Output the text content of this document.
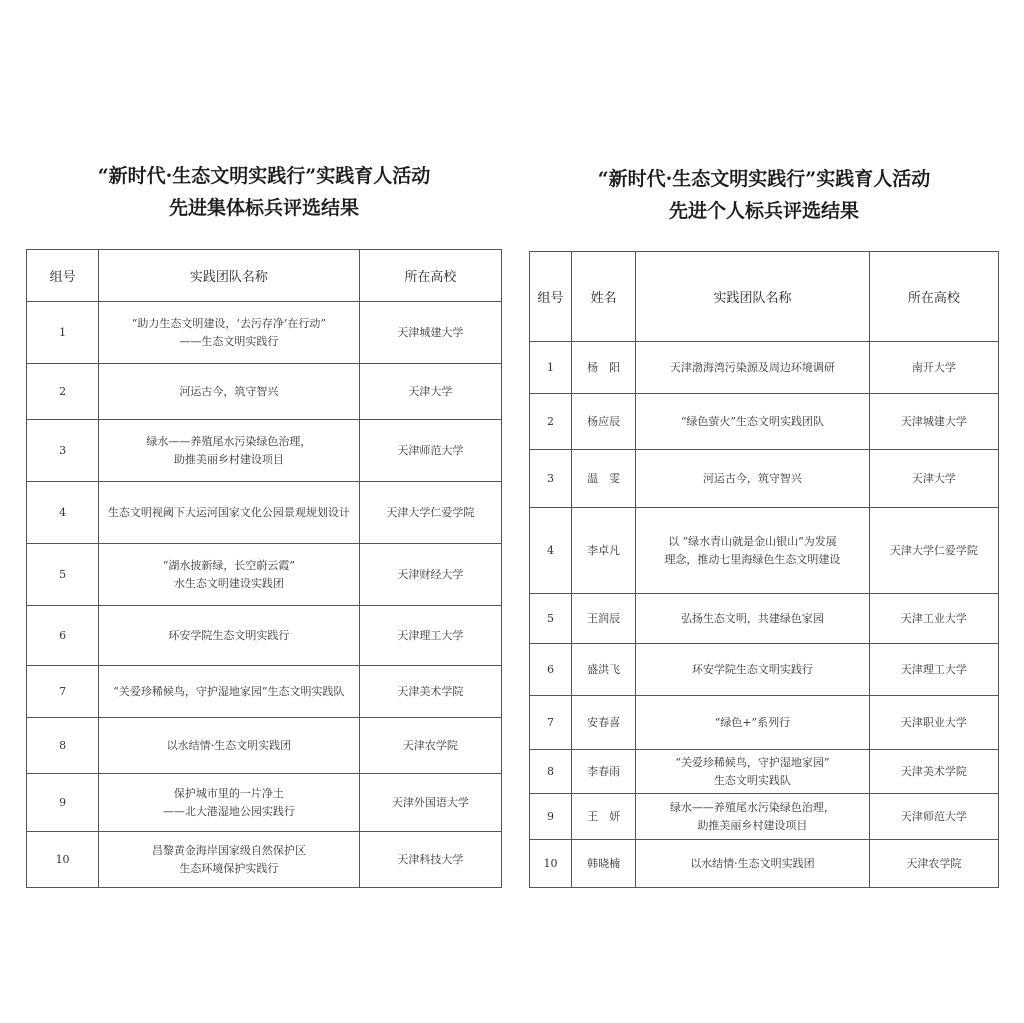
“新时代·生态文明实践行”实践育人活动
先进集体标兵评选结果
组号	实践团队名称	所在高校
1	“助力生态文明建设，‘去污存净’在行动”
——生态文明实践行	天津城建大学
2	河运古今，筑守智兴	天津大学
3	绿水——养殖尾水污染绿色治理，
助推美丽乡村建设项目	天津师范大学
4	生态文明视阈下大运河国家文化公园景观规划设计	天津大学仁爱学院
5	“湖水披新绿，长空蔚云霞”
水生态文明建设实践团	天津财经大学
6	环安学院生态文明实践行	天津理工大学
7	“关爱珍稀候鸟，守护湿地家园”生态文明实践队	天津美术学院
8	以水结情·生态文明实践团	天津农学院
9	保护城市里的一片净土
——北大港湿地公园实践行	天津外国语大学
10	昌黎黄金海岸国家级自然保护区
生态环境保护实践行	天津科技大学
“新时代·生态文明实践行”实践育人活动
先进个人标兵评选结果
组号	姓名	实践团队名称	所在高校
1	杨　阳	天津渤海湾污染源及周边环境调研	南开大学
2	杨应辰	“绿色萤火”生态文明实践团队	天津城建大学
3	温　雯	河运古今，筑守智兴	天津大学
4	李卓凡	以 “绿水青山就是金山银山”为发展
理念，推动七里海绿色生态文明建设	天津大学仁爱学院
5	王润辰	弘扬生态文明，共建绿色家园	天津工业大学
6	盛洪飞	环安学院生态文明实践行	天津理工大学
7	安春喜	“绿色+”系列行	天津职业大学
8	李春雨	“关爱珍稀候鸟，守护湿地家园”
生态文明实践队	天津美术学院
9	王　妍	绿水——养殖尾水污染绿色治理，
助推美丽乡村建设项目	天津师范大学
10	韩晓楠	以水结情·生态文明实践团	天津农学院
